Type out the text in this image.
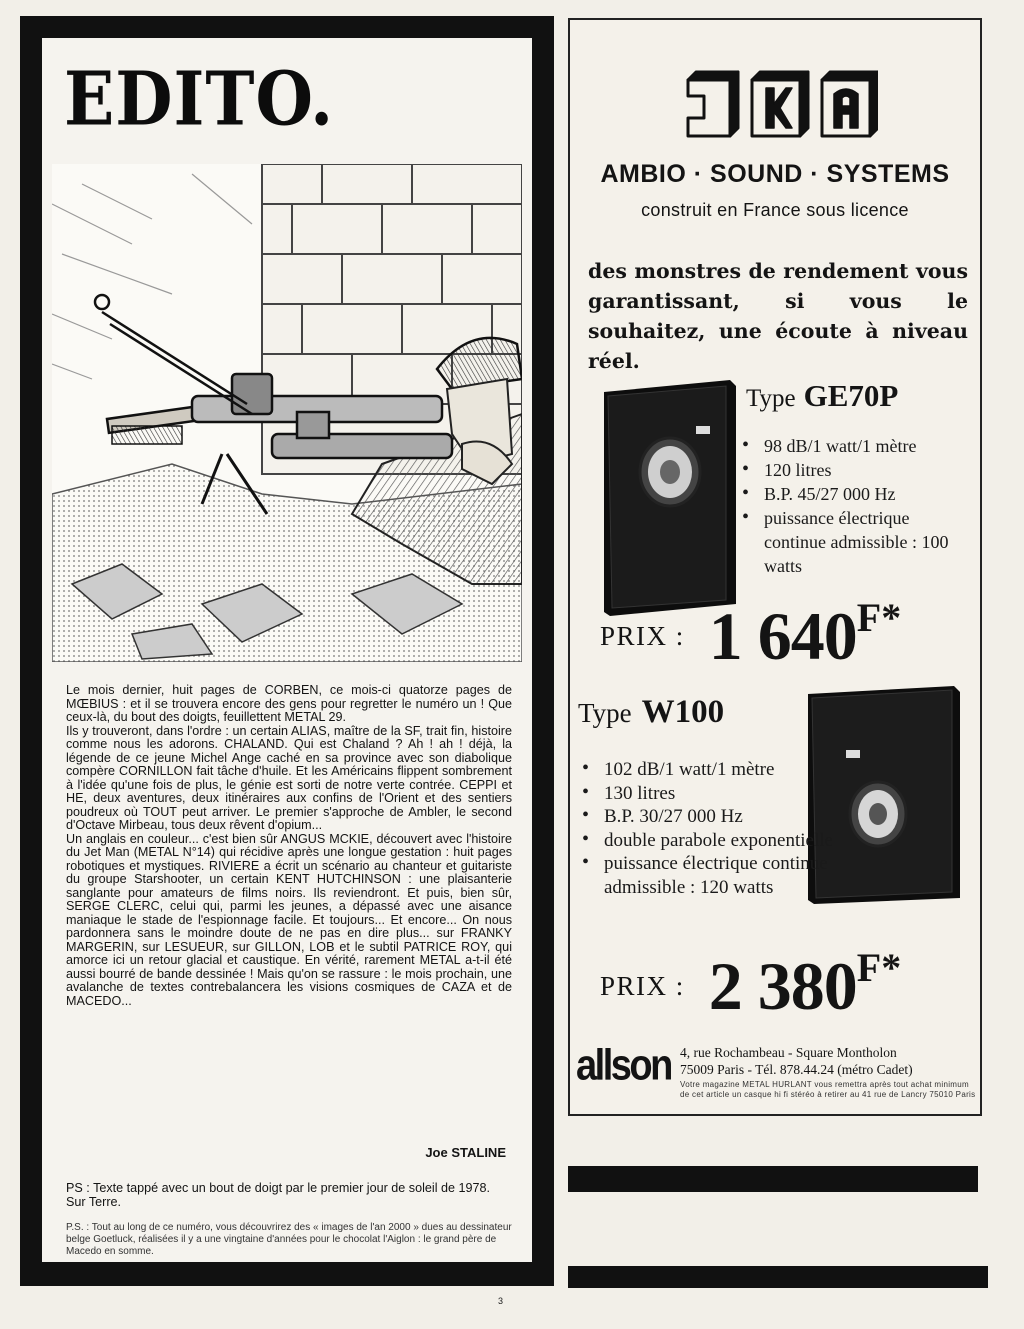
EDITO.

Le mois dernier, huit pages de CORBEN, ce mois-ci quatorze pages de MŒBIUS : et il se trouvera encore des gens pour regretter le numéro un ! Que ceux-là, du bout des doigts, feuillettent METAL 29.

Ils y trouveront, dans l'ordre : un certain ALIAS, maître de la SF, trait fin, histoire comme nous les adorons. CHALAND. Qui est Chaland ? Ah ! ah ! déjà, la légende de ce jeune Michel Ange caché en sa province avec son diabolique compère CORNILLON fait tâche d'huile. Et les Américains flippent sombrement à l'idée qu'une fois de plus, le génie est sorti de notre verte contrée. CEPPI et HE, deux aventures, deux itinéraires aux confins de l'Orient et des sentiers poudreux où TOUT peut arriver. Le premier s'approche de Ambler, le second d'Octave Mirbeau, tous deux rêvent d'opium...

Un anglais en couleur... c'est bien sûr ANGUS MCKIE, découvert avec l'histoire du Jet Man (METAL N°14) qui récidive après une longue gestation : huit pages robotiques et mystiques. RIVIERE a écrit un scénario au chanteur et guitariste du groupe Starshooter, un certain KENT HUTCHINSON : une plaisanterie sanglante pour amateurs de films noirs. Ils reviendront. Et puis, bien sûr, SERGE CLERC, celui qui, parmi les jeunes, a dépassé avec une aisance maniaque le stade de l'espionnage facile. Et toujours... Et encore... On nous pardonnera sans le moindre doute de ne pas en dire plus... sur FRANKY MARGERIN, sur LESUEUR, sur GILLON, LOB et le subtil PATRICE ROY, qui amorce ici un retour glacial et caustique. En vérité, rarement METAL a-t-il été aussi bourré de bande dessinée ! Mais qu'on se rassure : le mois prochain, une avalanche de textes contrebalancera les visions cosmiques de CAZA et de MACEDO...

Joe STALINE

PS : Texte tappé avec un bout de doigt par le premier jour de soleil de 1978. Sur Terre.

P.S. : Tout au long de ce numéro, vous découvrirez des « images de l'an 2000 » dues au dessinateur belge Goetluck, réalisées il y a une vingtaine d'années pour le chocolat l'Aiglon : le grand père de Macedo en somme.

3
AMBIO · SOUND · SYSTEMS
construit en France sous licence

des monstres de rendement vous garantissant, si vous le souhaitez, une écoute à niveau réel.

Type GE70P
• 98 dB/1 watt/1 mètre
• 120 litres
• B.P. 45/27 000 Hz
• puissance électrique continue admissible : 100 watts
PRIX : 1 640F*
Type W100
• 102 dB/1 watt/1 mètre
• 130 litres
• B.P. 30/27 000 Hz
• double parabole exponentielle
• puissance électrique continue admissible : 120 watts
PRIX : 2 380F*
allson 4, rue Rochambeau - Square Montholon
75009 Paris - Tél. 878.44.24 (métro Cadet)
Votre magazine METAL HURLANT vous remettra après tout achat minimum de cet article un casque hi fi stéréo à retirer au 41 rue de Lancry 75010 Paris
